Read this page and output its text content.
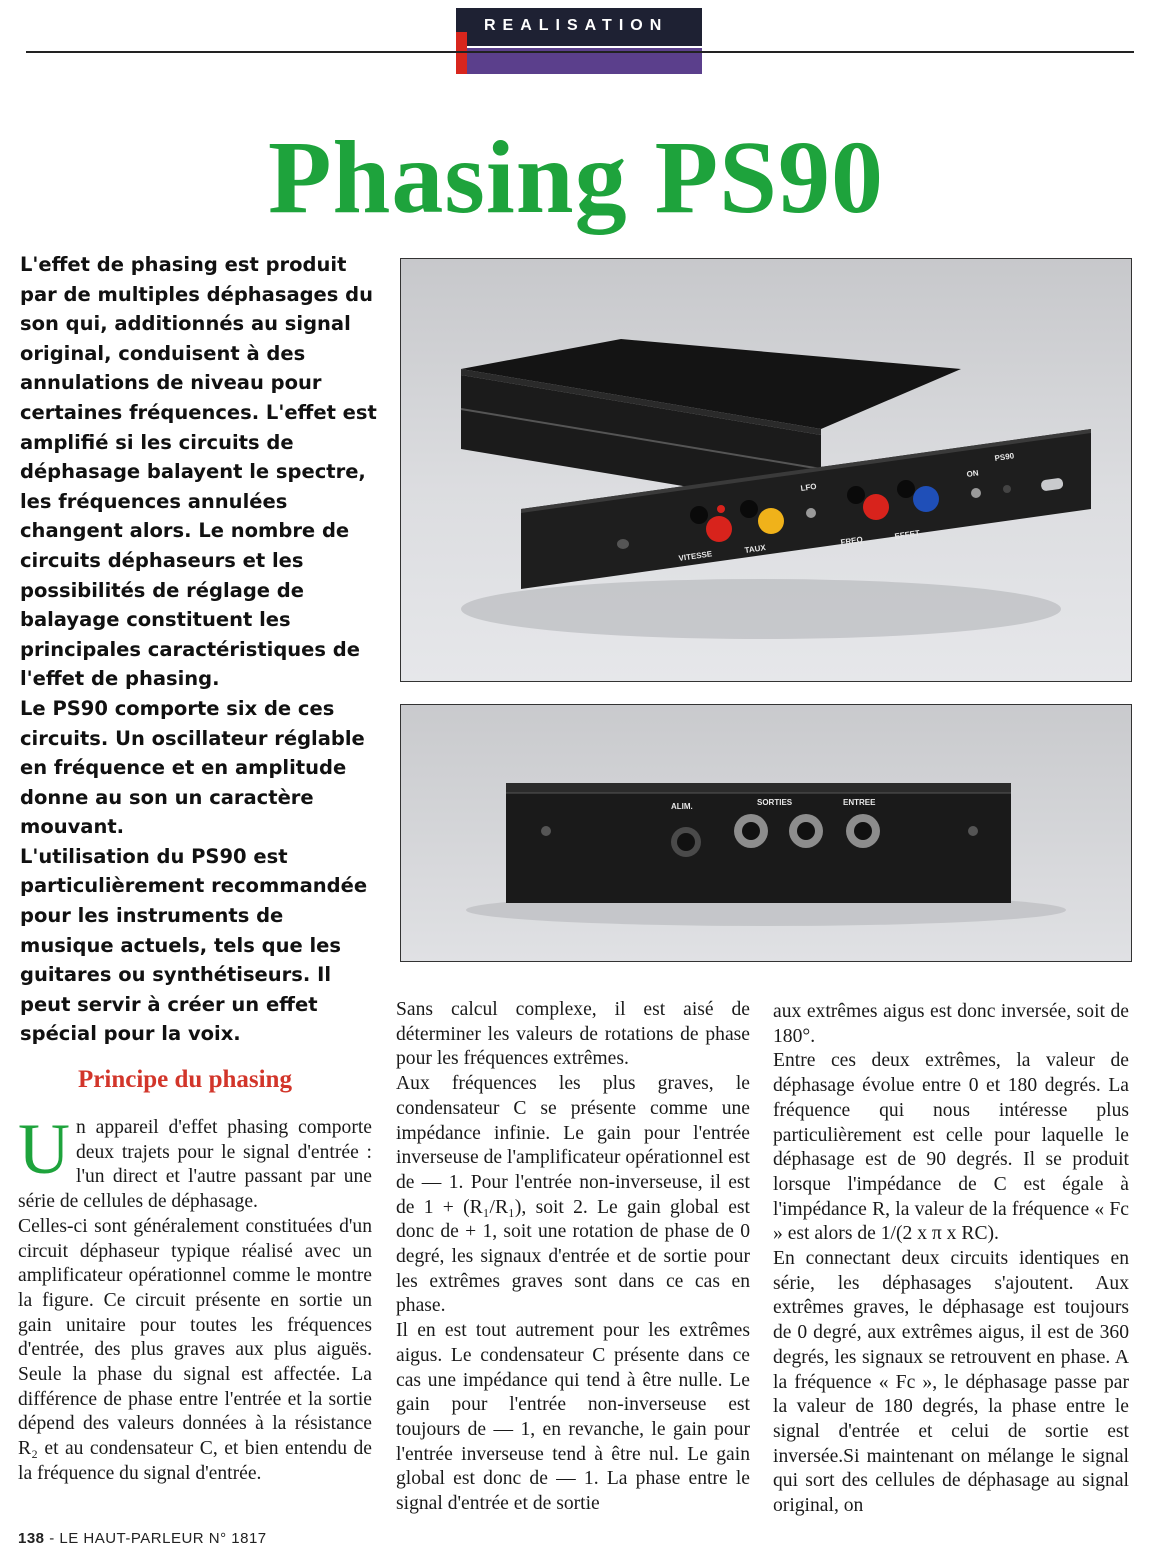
REALISATION
Phasing PS90

L'effet de phasing est produit par de multiples déphasages du son qui, additionnés au signal original, conduisent à des annulations de niveau pour certaines fréquences. L'effet est amplifié si les circuits de déphasage balayent le spectre, les fréquences annulées changent alors. Le nombre de circuits déphaseurs et les possibilités de réglage de balayage constituent les principales caractéristiques de l'effet de phasing.

Le PS90 comporte six de ces circuits. Un oscillateur réglable en fréquence et en amplitude donne au son un caractère mouvant.

L'utilisation du PS90 est particulièrement recommandée pour les instruments de musique actuels, tels que les guitares ou synthétiseurs. Il peut servir à créer un effet spécial pour la voix.

VITESSE
TAUX
LFO
FREQ	EFFET
ON
PS90
ALIM.	SORTIES	ENTREE
Principe du phasing

Un appareil d'effet phasing comporte deux trajets pour le signal d'entrée : l'un direct et l'autre passant par une série de cellules de déphasage.

Celles-ci sont généralement constituées d'un circuit déphaseur typique réalisé avec un amplificateur opérationnel comme le montre la figure. Ce circuit présente en sortie un gain unitaire pour toutes les fréquences d'entrée, des plus graves aux plus aiguës. Seule la phase du signal est affectée. La différence de phase entre l'entrée et la sortie dépend des valeurs données à la résistance R₂ et au condensateur C, et bien entendu de la fréquence du signal d'entrée.

Sans calcul complexe, il est aisé de déterminer les valeurs de rotations de phase pour les fréquences extrêmes.

Aux fréquences les plus graves, le condensateur C se présente comme une impédance infinie. Le gain pour l'entrée inverseuse de l'amplificateur opérationnel est de — 1. Pour l'entrée non-inverseuse, il est de 1 + (R₁/R₁), soit 2. Le gain global est donc de + 1, soit une rotation de phase de 0 degré, les signaux d'entrée et de sortie pour les extrêmes graves sont dans ce cas en phase.

Il en est tout autrement pour les extrêmes aigus. Le condensateur C présente dans ce cas une impédance qui tend à être nulle. Le gain pour l'entrée non-inverseuse est toujours de — 1, en revanche, le gain pour l'entrée inverseuse tend à être nul. Le gain global est donc de — 1. La phase entre le signal d'entrée et de sortie

aux extrêmes aigus est donc inversée, soit de 180°.

Entre ces deux extrêmes, la valeur de déphasage évolue entre 0 et 180 degrés. La fréquence qui nous intéresse plus particulièrement est celle pour laquelle le déphasage est de 90 degrés. Il se produit lorsque l'impédance de C est égale à l'impédance R, la valeur de la fréquence « Fc » est alors de 1/(2 x π x RC).

En connectant deux circuits identiques en série, les déphasages s'ajoutent. Aux extrêmes graves, le déphasage est toujours de 0 degré, aux extrêmes aigus, il est de 360 degrés, les signaux se retrouvent en phase. A la fréquence « Fc », le déphasage passe par la valeur de 180 degrés, la phase entre le signal d'entrée et celui de sortie est inversée.Si maintenant on mélange le signal qui sort des cellules de déphasage au signal original, on

138 - LE HAUT-PARLEUR N° 1817
